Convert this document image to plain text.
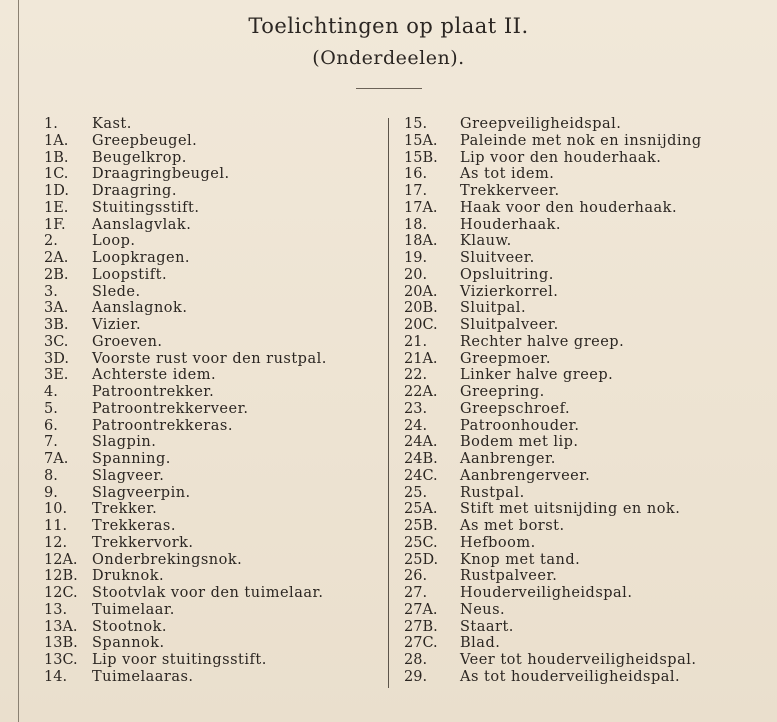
Toelichtingen op plaat II.
(Onderdeelen).
1.	Kast.
1A.	Greepbeugel.
1B.	Beugelkrop.
1C.	Draagringbeugel.
1D.	Draagring.
1E.	Stuitingsstift.
1F.	Aanslagvlak.
2.	Loop.
2A.	Loopkragen.
2B.	Loopstift.
3.	Slede.
3A.	Aanslagnok.
3B.	Vizier.
3C.	Groeven.
3D.	Voorste rust voor den rustpal.
3E.	Achterste idem.
4.	Patroontrekker.
5.	Patroontrekkerveer.
6.	Patroontrekkeras.
7.	Slagpin.
7A.	Spanning.
8.	Slagveer.
9.	Slagveerpin.
10.	Trekker.
11.	Trekkeras.
12.	Trekkervork.
12A. Onderbrekingsnok.
12B. Druknok.
12C. Stootvlak voor den tuimelaar.
13.	Tuimelaar.
13A. Stootnok.
13B. Spannok.
13C. Lip voor stuitingsstift.
14.	Tuimelaaras.
15.	Greepveiligheidspal.
15A.	Paleinde met nok en insnijding
15B.	Lip voor den houderhaak.
16.	As tot idem.
17.	Trekkerveer.
17A.	Haak voor den houderhaak.
18.	Houderhaak.
18A.	Klauw.
19.	Sluitveer.
20.	Opsluitring.
20A.	Vizierkorrel.
20B.	Sluitpal.
20C.	Sluitpalveer.
21.	Rechter halve greep.
21A.	Greepmoer.
22.	Linker halve greep.
22A.	Greepring.
23.	Greepschroef.
24.	Patroonhouder.
24A.	Bodem met lip.
24B.	Aanbrenger.
24C.	Aanbrengerveer.
25.	Rustpal.
25A.	Stift met uitsnijding en nok.
25B.	As met borst.
25C.	Hefboom.
25D.	Knop met tand.
26.	Rustpalveer.
27.	Houderveiligheidspal.
27A.	Neus.
27B.	Staart.
27C.	Blad.
28.	Veer tot houderveiligheidspal.
29.	As tot houderveiligheidspal.
